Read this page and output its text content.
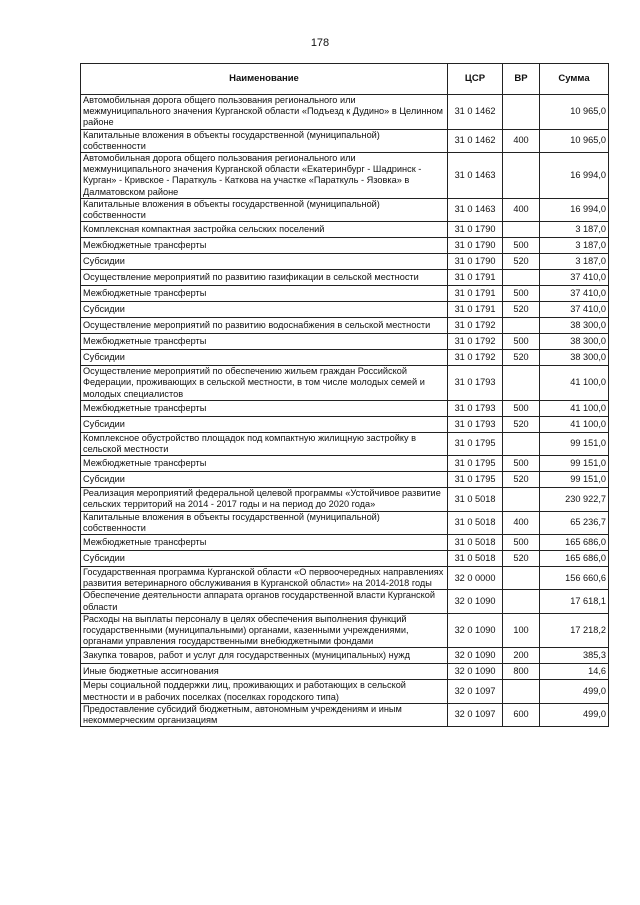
178
Наименование	ЦСР	ВР	Сумма
Автомобильная дорога общего пользования регионального или межмуниципального значения Курганской области «Подъезд к Дудино» в Целинном районе	31 0 1462		10 965,0
Капитальные вложения в объекты государственной (муниципальной) собственности	31 0 1462	400	10 965,0
Автомобильная дорога общего пользования регионального или межмуниципального значения Курганской области «Екатеринбург - Шадринск - Курган» - Кривское - Параткуль - Каткова на участке «Параткуль - Язовка» в Далматовском районе	31 0 1463		16 994,0
Капитальные вложения в объекты государственной (муниципальной) собственности	31 0 1463	400	16 994,0
Комплексная компактная застройка сельских поселений	31 0 1790		3 187,0
Межбюджетные трансферты	31 0 1790	500	3 187,0
Субсидии	31 0 1790	520	3 187,0
Осуществление мероприятий по развитию газификации в сельской местности	31 0 1791		37 410,0
Межбюджетные трансферты	31 0 1791	500	37 410,0
Субсидии	31 0 1791	520	37 410,0
Осуществление мероприятий по развитию водоснабжения в сельской местности	31 0 1792		38 300,0
Межбюджетные трансферты	31 0 1792	500	38 300,0
Субсидии	31 0 1792	520	38 300,0
Осуществление мероприятий по обеспечению жильем граждан Российской Федерации, проживающих в сельской местности, в том числе молодых семей и молодых специалистов	31 0 1793		41 100,0
Межбюджетные трансферты	31 0 1793	500	41 100,0
Субсидии	31 0 1793	520	41 100,0
Комплексное обустройство площадок под компактную жилищную застройку в сельской местности	31 0 1795		99 151,0
Межбюджетные трансферты	31 0 1795	500	99 151,0
Субсидии	31 0 1795	520	99 151,0
Реализация мероприятий федеральной целевой программы «Устойчивое развитие сельских территорий на 2014 - 2017 годы и на период до 2020 года»	31 0 5018		230 922,7
Капитальные вложения в объекты государственной (муниципальной) собственности	31 0 5018	400	65 236,7
Межбюджетные трансферты	31 0 5018	500	165 686,0
Субсидии	31 0 5018	520	165 686,0
Государственная программа Курганской области «О первоочередных направлениях развития ветеринарного обслуживания в Курганской области» на 2014-2018 годы	32 0 0000		156 660,6
Обеспечение деятельности аппарата органов государственной власти Курганской области	32 0 1090		17 618,1
Расходы на выплаты персоналу в целях обеспечения выполнения функций государственными (муниципальными) органами, казенными учреждениями, органами управления государственными внебюджетными фондами	32 0 1090	100	17 218,2
Закупка товаров, работ и услуг для государственных (муниципальных) нужд	32 0 1090	200	385,3
Иные бюджетные ассигнования	32 0 1090	800	14,6
Меры социальной поддержки лиц, проживающих и работающих в сельской местности и в рабочих поселках (поселках городского типа)	32 0 1097		499,0
Предоставление субсидий бюджетным, автономным учреждениям и иным некоммерческим организациям	32 0 1097	600	499,0
